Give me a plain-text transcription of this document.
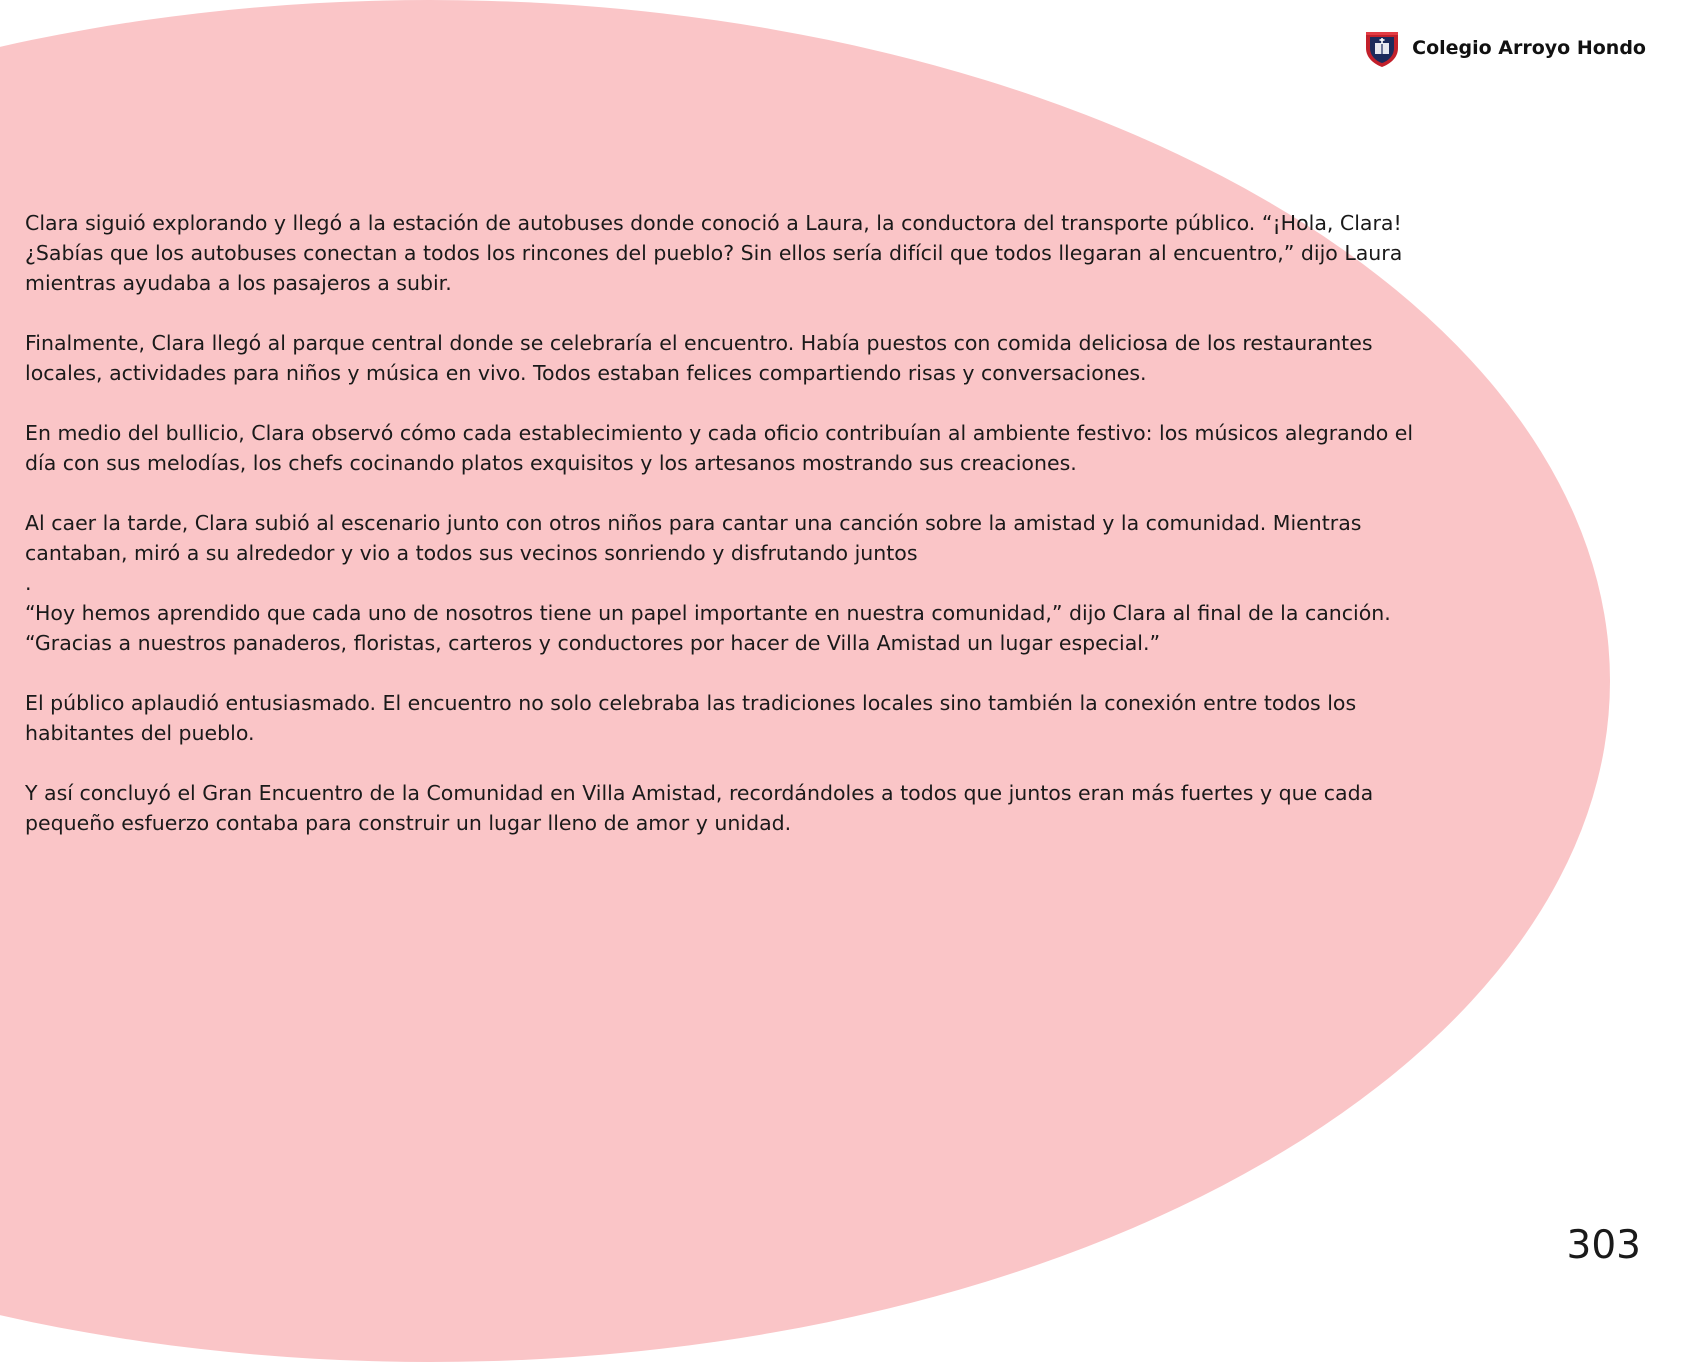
Colegio Arroyo Hondo

Clara siguió explorando y llegó a la estación de autobuses donde conoció a Laura, la conductora del transporte público. “¡Hola, Clara! ¿Sabías que los autobuses conectan a todos los rincones del pueblo? Sin ellos sería difícil que todos llegaran al encuentro,” dijo Laura mientras ayudaba a los pasajeros a subir.

Finalmente, Clara llegó al parque central donde se celebraría el encuentro. Había puestos con comida deliciosa de los restaurantes locales, actividades para niños y música en vivo. Todos estaban felices compartiendo risas y conversaciones.

En medio del bullicio, Clara observó cómo cada establecimiento y cada oficio contribuían al ambiente festivo: los músicos alegrando el día con sus melodías, los chefs cocinando platos exquisitos y los artesanos mostrando sus creaciones.

Al caer la tarde, Clara subió al escenario junto con otros niños para cantar una canción sobre la amistad y la comunidad. Mientras cantaban, miró a su alrededor y vio a todos sus vecinos sonriendo y disfrutando juntos

.

“Hoy hemos aprendido que cada uno de nosotros tiene un papel importante en nuestra comunidad,” dijo Clara al final de la canción. “Gracias a nuestros panaderos, floristas, carteros y conductores por hacer de Villa Amistad un lugar especial.”

El público aplaudió entusiasmado. El encuentro no solo celebraba las tradiciones locales sino también la conexión entre todos los habitantes del pueblo.

Y así concluyó el Gran Encuentro de la Comunidad en Villa Amistad, recordándoles a todos que juntos eran más fuertes y que cada pequeño esfuerzo contaba para construir un lugar lleno de amor y unidad.

303
